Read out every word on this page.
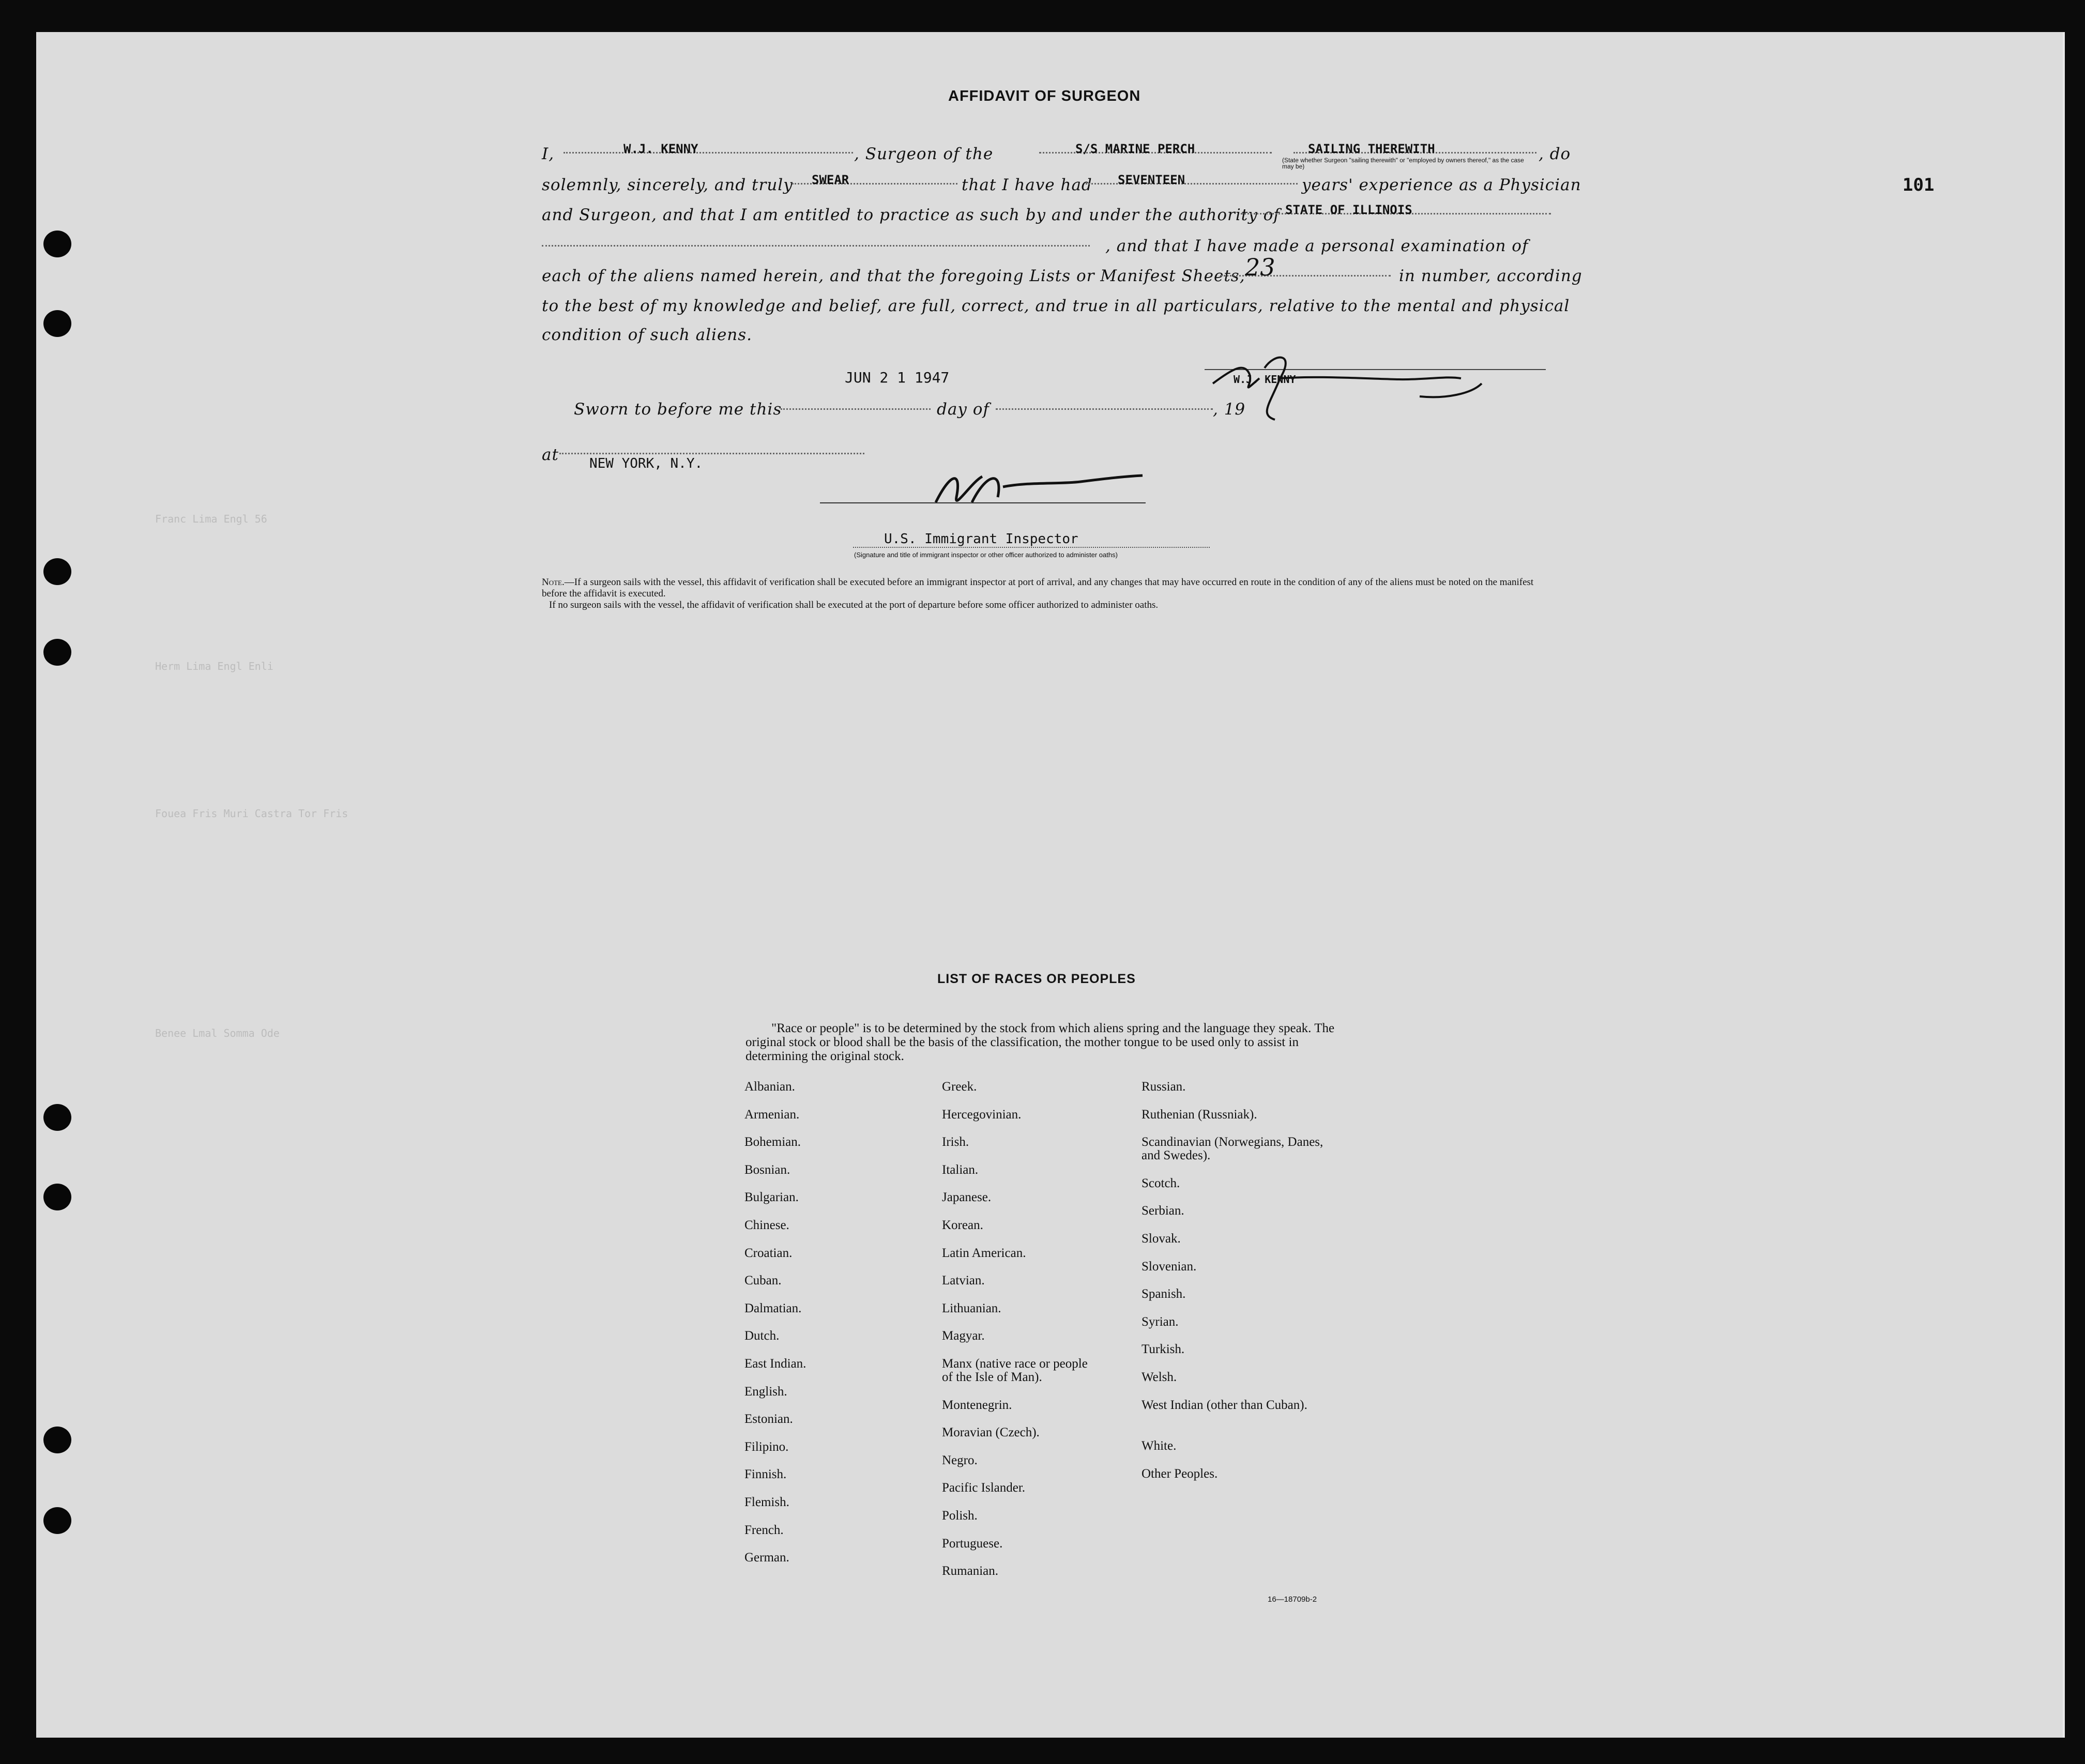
Franc Lima Engl 56
Herm Lima Engl Enli
Fouea Fris Muri Castra Tor Fris
Benee Lmal Somma Ode
101
AFFIDAVIT OF SURGEON
I,	W.J. KENNY	, Surgeon of the	S/S MARINE PERCH	SAILING THEREWITH	, do
(State whether Surgeon "sailing therewith" or "employed by owners thereof," as the case may be)
solemnly, sincerely, and truly SWEAR	that I have had SEVENTEEN	years' experience as a Physician
and Surgeon, and that I am entitled to practice as such by and under the authority of STATE OF ILLINOIS
, and that I have made a personal examination of
each of the aliens named herein, and that the foregoing Lists or Manifest Sheets, 23	in number, according
to the best of my knowledge and belief, are full, correct, and true in all particulars, relative to the mental and physical
condition of such aliens.
JUN 2 1 1947	W.J. KENNY
Sworn to before me this	day of	, 19
at NEW YORK, N.Y.
U.S. Immigrant Inspector
(Signature and title of immigrant inspector or other officer authorized to administer oaths)
Note.—If a surgeon sails with the vessel, this affidavit of verification shall be executed before an immigrant inspector at port of arrival, and any changes that may have occurred en route in the condition of any of the aliens must be noted on the manifest before the affidavit is executed.
If no surgeon sails with the vessel, the affidavit of verification shall be executed at the port of departure before some officer authorized to administer oaths.
LIST OF RACES OR PEOPLES
"Race or people" is to be determined by the stock from which aliens spring and the language they speak. The original stock or blood shall be the basis of the classification, the mother tongue to be used only to assist in determining the original stock.
Albanian.
Armenian.
Bohemian.
Bosnian.
Bulgarian.
Chinese.
Croatian.
Cuban.
Dalmatian.
Dutch.
East Indian.
English.
Estonian.
Filipino.
Finnish.
Flemish.
French.
German.
Greek.
Hercegovinian.
Irish.
Italian.
Japanese.
Korean.
Latin American.
Latvian.
Lithuanian.
Magyar.
Manx (native race or people of the Isle of Man).
Montenegrin.
Moravian (Czech).
Negro.
Pacific Islander.
Polish.
Portuguese.
Rumanian.
Russian.
Ruthenian (Russniak).
Scandinavian (Norwegians, Danes, and Swedes).
Scotch.
Serbian.
Slovak.
Slovenian.
Spanish.
Syrian.
Turkish.
Welsh.
West Indian (other than Cuban).
White.
Other Peoples.
16—18709b-2
